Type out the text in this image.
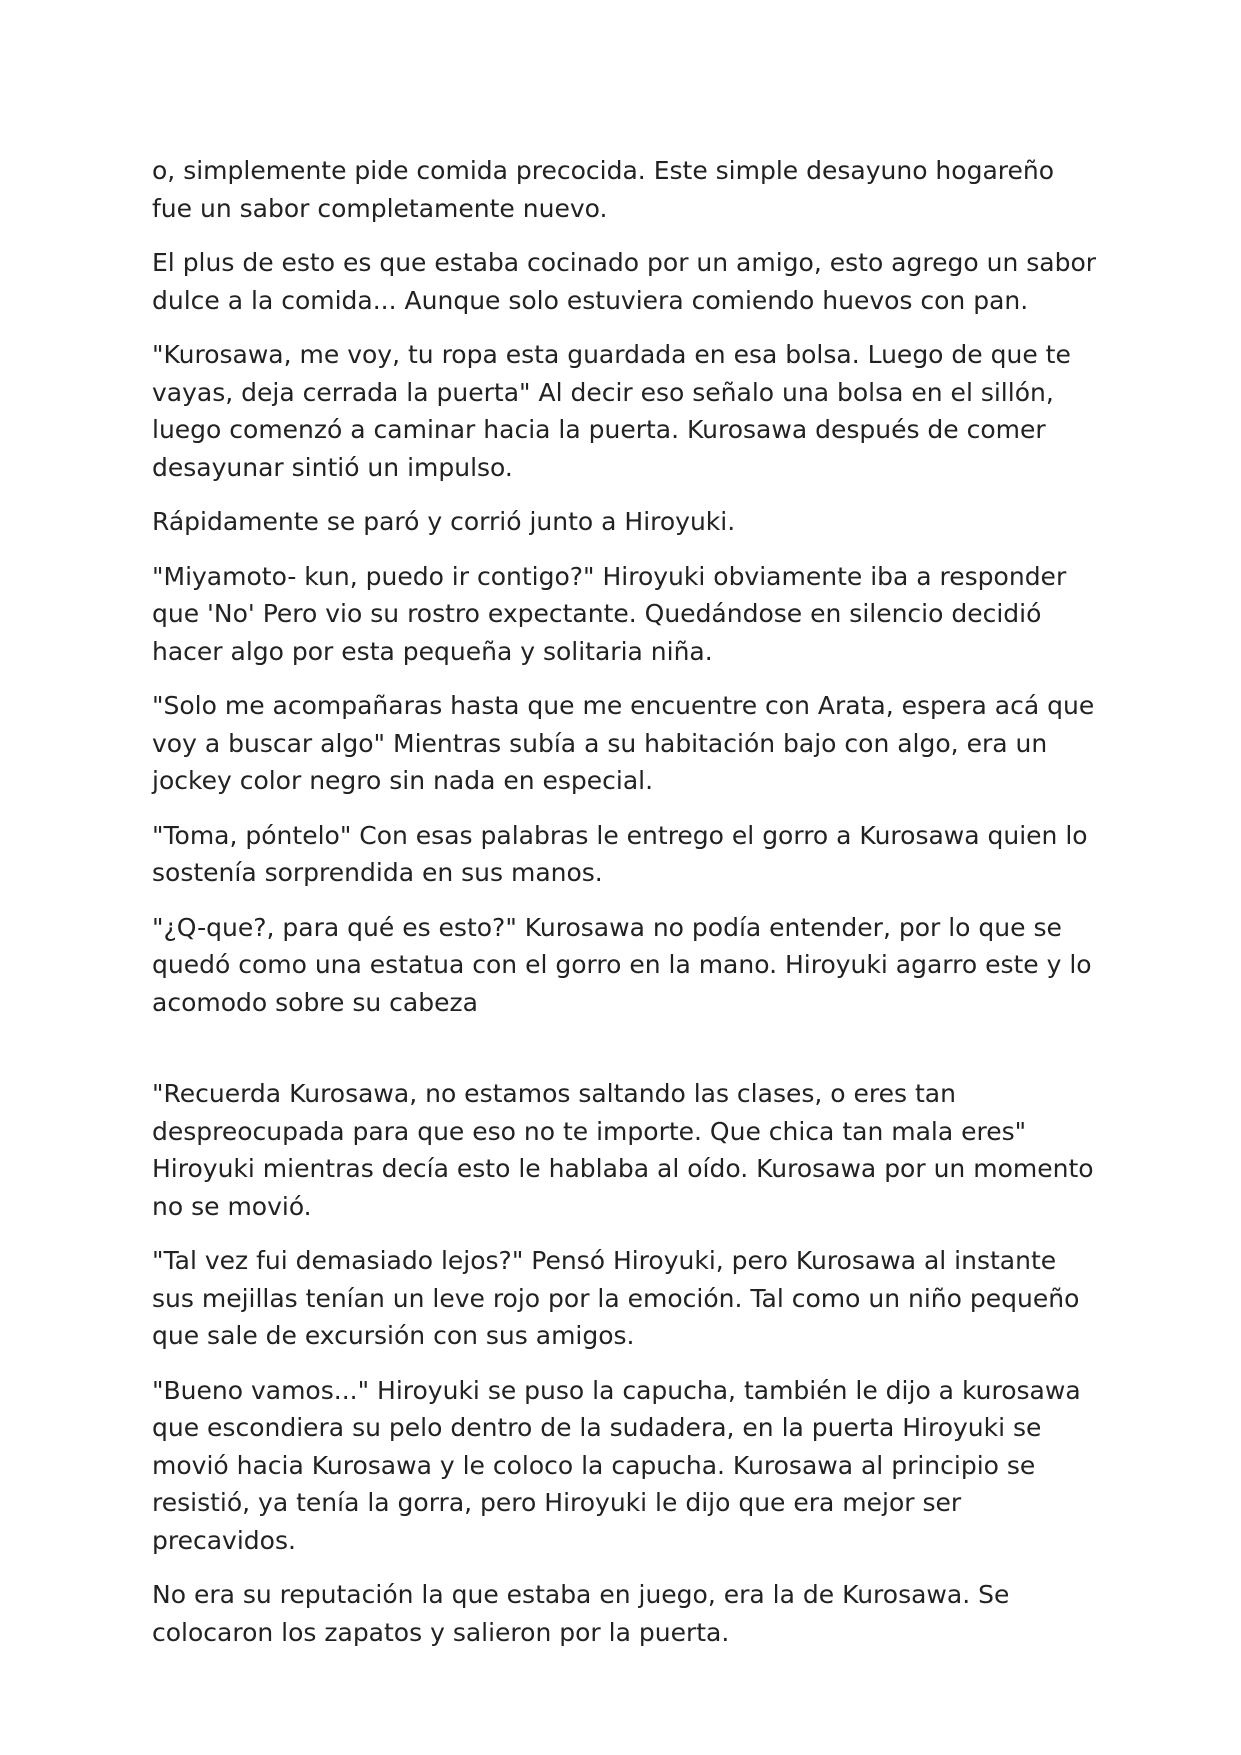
o, simplemente pide comida precocida. Este simple desayuno hogareño fue un sabor completamente nuevo.

El plus de esto es que estaba cocinado por un amigo, esto agrego un sabor dulce a la comida... Aunque solo estuviera comiendo huevos con pan.

"Kurosawa, me voy, tu ropa esta guardada en esa bolsa. Luego de que te vayas, deja cerrada la puerta" Al decir eso señalo una bolsa en el sillón, luego comenzó a caminar hacia la puerta. Kurosawa después de comer desayunar sintió un impulso.

Rápidamente se paró y corrió junto a Hiroyuki.

"Miyamoto- kun, puedo ir contigo?" Hiroyuki obviamente iba a responder que 'No' Pero vio su rostro expectante. Quedándose en silencio decidió hacer algo por esta pequeña y solitaria niña.

"Solo me acompañaras hasta que me encuentre con Arata, espera acá que voy a buscar algo" Mientras subía a su habitación bajo con algo, era un jockey color negro sin nada en especial.

"Toma, póntelo" Con esas palabras le entrego el gorro a Kurosawa quien lo sostenía sorprendida en sus manos.

"¿Q-que?, para qué es esto?" Kurosawa no podía entender, por lo que se quedó como una estatua con el gorro en la mano. Hiroyuki agarro este y lo acomodo sobre su cabeza

"Recuerda Kurosawa, no estamos saltando las clases, o eres tan despreocupada para que eso no te importe. Que chica tan mala eres" Hiroyuki mientras decía esto le hablaba al oído. Kurosawa por un momento no se movió.

"Tal vez fui demasiado lejos?" Pensó Hiroyuki, pero Kurosawa al instante sus mejillas tenían un leve rojo por la emoción. Tal como un niño pequeño que sale de excursión con sus amigos.

"Bueno vamos..." Hiroyuki se puso la capucha, también le dijo a kurosawa que escondiera su pelo dentro de la sudadera, en la puerta Hiroyuki se movió hacia Kurosawa y le coloco la capucha. Kurosawa al principio se resistió, ya tenía la gorra, pero Hiroyuki le dijo que era mejor ser precavidos.

No era su reputación la que estaba en juego, era la de Kurosawa. Se colocaron los zapatos y salieron por la puerta.
